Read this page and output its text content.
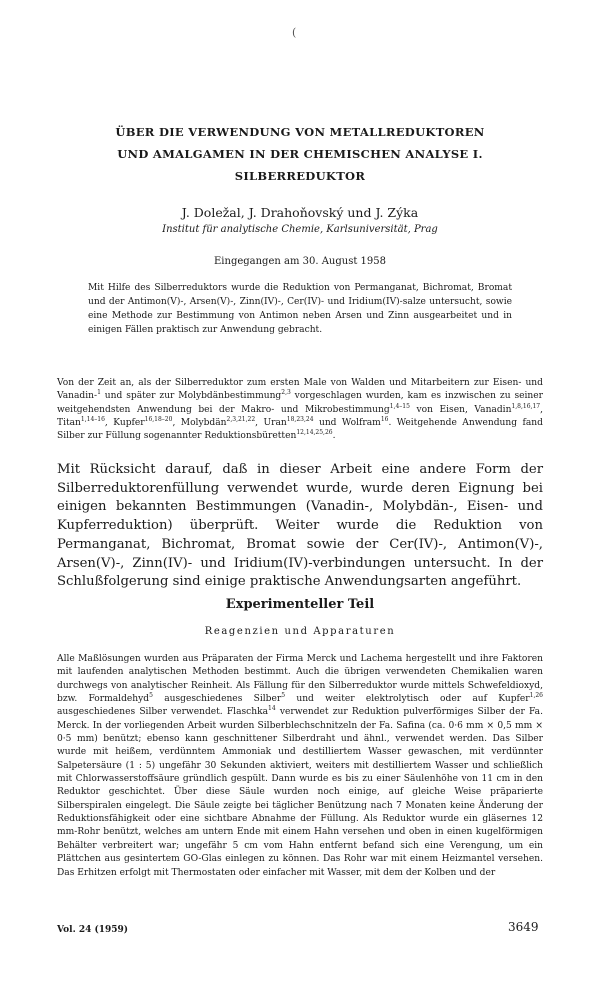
(
ÜBER DIE VERWENDUNG VON METALLREDUKTOREN
UND AMALGAMEN IN DER CHEMISCHEN ANALYSE I.
SILBERREDUKTOR
J. Doležal, J. Drahoňovský und J. Zýka
Institut für analytische Chemie, Karlsuniversität, Prag
Eingegangen am 30. August 1958
Mit Hilfe des Silberreduktors wurde die Reduktion von Permanganat, Bichromat, Bromat und der Antimon(V)-, Arsen(V)-, Zinn(IV)-, Cer(IV)- und Iridium(IV)-salze untersucht, sowie eine Methode zur Bestimmung von Antimon neben Arsen und Zinn ausgearbeitet und in einigen Fällen praktisch zur Anwendung gebracht.
Von der Zeit an, als der Silberreduktor zum ersten Male von Walden und Mitarbeitern zur Eisen- und Vanadin-$^1$ und später zur Molybdänbestimmung$^{2,3}$ vorgeschlagen wurden, kam es inzwischen zu seiner weitgehendsten Anwendung bei der Makro- und Mikrobestimmung$^{1,4-15}$ von Eisen, Vanadin$^{1,8,16,17}$, Titan$^{1,14-16}$, Kupfer$^{16,18-20}$, Molybdän$^{2,3,21,22}$, Uran$^{18,23,24}$ und Wolfram$^{16}$. Weitgehende Anwendung fand Silber zur Füllung sogenannter Reduktionsbüretten$^{12,14,25,26}$.
Mit Rücksicht darauf, daß in dieser Arbeit eine andere Form der Silberreduktorenfüllung verwendet wurde, wurde deren Eignung bei einigen bekannten Bestimmungen (Vanadin-, Molybdän-, Eisen- und Kupferreduktion) überprüft. Weiter wurde die Reduktion von Permanganat, Bichromat, Bromat sowie der Cer(IV)-, Antimon(V)-, Arsen(V)-, Zinn(IV)- und Iridium(IV)-verbindungen untersucht. In der Schlußfolgerung sind einige praktische Anwendungsarten angeführt.
Experimenteller Teil
Reagenzien und Apparaturen
Alle Maßlösungen wurden aus Präparaten der Firma Merck und Lachema hergestellt und ihre Faktoren mit laufenden analytischen Methoden bestimmt. Auch die übrigen verwendeten Chemikalien waren durchwegs von analytischer Reinheit. Als Fällung für den Silberreduktor wurde mittels Schwefeldioxyd, bzw. Formaldehyd$^5$ ausgeschiedenes Silber$^5$ und weiter elektrolytisch oder auf Kupfer$^{1,26}$ ausgeschiedenes Silber verwendet. Flaschka$^{14}$ verwendet zur Reduktion pulverförmiges Silber der Fa. Merck. In der vorliegenden Arbeit wurden Silberblechschnitzeln der Fa. Safina (ca. 0·6 mm × 0,5 mm × 0·5 mm) benützt; ebenso kann geschnittener Silberdraht und ähnl., verwendet werden. Das Silber wurde mit heißem, verdünntem Ammoniak und destilliertem Wasser gewaschen, mit verdünnter Salpetersäure (1 : 5) ungefähr 30 Sekunden aktiviert, weiters mit destilliertem Wasser und schließlich mit Chlorwasserstoffsäure gründlich gespült. Dann wurde es bis zu einer Säulenhöhe von 11 cm in den Reduktor geschichtet. Über diese Säule wurden noch einige, auf gleiche Weise präparierte Silberspiralen eingelegt. Die Säule zeigte bei täglicher Benützung nach 7 Monaten keine Änderung der Reduktionsfähigkeit oder eine sichtbare Abnahme der Füllung. Als Reduktor wurde ein gläsernes 12 mm-Rohr benützt, welches am untern Ende mit einem Hahn versehen und oben in einen kugelförmigen Behälter verbreitert war; ungefähr 5 cm vom Hahn entfernt befand sich eine Verengung, um ein Plättchen aus gesintertem GO-Glas einlegen zu können. Das Rohr war mit einem Heizmantel versehen. Das Erhitzen erfolgt mit Thermostaten oder einfacher mit Wasser, mit dem der Kolben und der
Vol. 24 (1959)	3649
